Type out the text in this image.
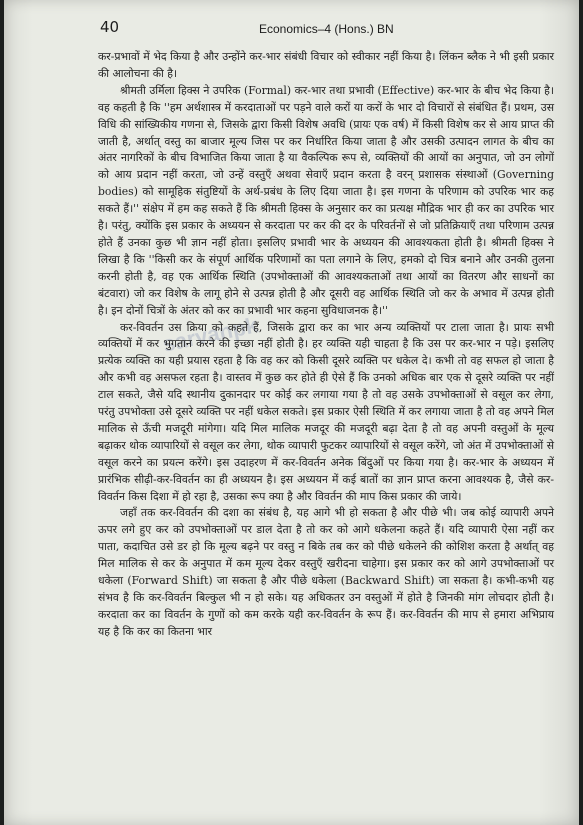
40	Economics–4 (Hons.) BN
sarvanpk

कर-प्रभावों में भेद किया है और उन्होंने कर-भार संबंधी विचार को स्वीकार नहीं किया है। लिंकन ब्लैक ने भी इसी प्रकार की आलोचना की है।

श्रीमती उर्मिला हिक्स ने उपरिक (Formal) कर-भार तथा प्रभावी (Effective) कर-भार के बीच भेद किया है। वह कहती है कि ''हम अर्थशास्त्र में करदाताओं पर पड़ने वाले करों या करों के भार दो विचारों से संबंधित हैं। प्रथम, उस विधि की सांख्यिकीय गणना से, जिसके द्वारा किसी विशेष अवधि (प्रायः एक वर्ष) में किसी विशेष कर से आय प्राप्त की जाती है, अर्थात् वस्तु का बाजार मूल्य जिस पर कर निर्धारित किया जाता है और उसकी उत्पादन लागत के बीच का अंतर नागरिकों के बीच विभाजित किया जाता है या वैकल्पिक रूप से, व्यक्तियों की आयों का अनुपात, जो उन लोगों को आय प्रदान नहीं करता, जो उन्हें वस्तुएँ अथवा सेवाएँ प्रदान करता है वरन् प्रशासक संस्थाओं (Governing bodies) को सामूहिक संतुष्टियों के अर्थ-प्रबंध के लिए दिया जाता है। इस गणना के परिणाम को उपरिक भार कह सकते हैं।'' संक्षेप में हम कह सकते हैं कि श्रीमती हिक्स के अनुसार कर का प्रत्यक्ष मौद्रिक भार ही कर का उपरिक भार है। परंतु, क्योंकि इस प्रकार के अध्ययन से करदाता पर कर की दर के परिवर्तनों से जो प्रतिक्रियाएँ तथा परिणाम उत्पन्न होते हैं उनका कुछ भी ज्ञान नहीं होता। इसलिए प्रभावी भार के अध्ययन की आवश्यकता होती है। श्रीमती हिक्स ने लिखा है कि ''किसी कर के संपूर्ण आर्थिक परिणामों का पता लगाने के लिए, हमको दो चित्र बनाने और उनकी तुलना करनी होती है, वह एक आर्थिक स्थिति (उपभोक्ताओं की आवश्यकताओं तथा आयों का वितरण और साधनों का बंटवारा) जो कर विशेष के लागू होने से उत्पन्न होती है और दूसरी वह आर्थिक स्थिति जो कर के अभाव में उत्पन्न होती है। इन दोनों चित्रों के अंतर को कर का प्रभावी भार कहना सुविधाजनक है।''

कर-विवर्तन उस क्रिया को कहते हैं, जिसके द्वारा कर का भार अन्य व्यक्तियों पर टाला जाता है। प्रायः सभी व्यक्तियों में कर भुगतान करने की इच्छा नहीं होती है। हर व्यक्ति यही चाहता है कि उस पर कर-भार न पड़े। इसलिए प्रत्येक व्यक्ति का यही प्रयास रहता है कि वह कर को किसी दूसरे व्यक्ति पर धकेल दे। कभी तो वह सफल हो जाता है और कभी वह असफल रहता है। वास्तव में कुछ कर होते ही ऐसे हैं कि उनको अधिक बार एक से दूसरे व्यक्ति पर नहीं टाल सकते, जैसे यदि स्थानीय दुकानदार पर कोई कर लगाया गया है तो वह उसके उपभोक्ताओं से वसूल कर लेगा, परंतु उपभोक्ता उसे दूसरे व्यक्ति पर नहीं धकेल सकते। इस प्रकार ऐसी स्थिति में कर लगाया जाता है तो वह अपने मिल मालिक से ऊँची मजदूरी मांगेगा। यदि मिल मालिक मजदूर की मजदूरी बढ़ा देता है तो वह अपनी वस्तुओं के मूल्य बढ़ाकर थोक व्यापारियों से वसूल कर लेगा, थोक व्यापारी फुटकर व्यापारियों से वसूल करेंगे, जो अंत में उपभोक्ताओं से वसूल करने का प्रयत्न करेंगे। इस उदाहरण में कर-विवर्तन अनेक बिंदुओं पर किया गया है। कर-भार के अध्ययन में प्रारंभिक सीढ़ी-कर-विवर्तन का ही अध्ययन है। इस अध्ययन में कई बातों का ज्ञान प्राप्त करना आवश्यक है, जैसे कर-विवर्तन किस दिशा में हो रहा है, उसका रूप क्या है और विवर्तन की माप किस प्रकार की जाये।

जहाँ तक कर-विवर्तन की दशा का संबंध है, यह आगे भी हो सकता है और पीछे भी। जब कोई व्यापारी अपने ऊपर लगे हुए कर को उपभोक्ताओं पर डाल देता है तो कर को आगे धकेलना कहते हैं। यदि व्यापारी ऐसा नहीं कर पाता, कदाचित उसे डर हो कि मूल्य बढ़ने पर वस्तु न बिके तब कर को पीछे धकेलने की कोशिश करता है अर्थात् वह मिल मालिक से कर के अनुपात में कम मूल्य देकर वस्तुएँ खरीदना चाहेगा। इस प्रकार कर को आगे उपभोक्ताओं पर धकेला (Forward Shift) जा सकता है और पीछे धकेला (Backward Shift) जा सकता है। कभी-कभी यह संभव है कि कर-विवर्तन बिल्कुल भी न हो सके। यह अधिकतर उन वस्तुओं में होते है जिनकी मांग लोचदार होती है। करदाता कर का विवर्तन के गुणों को कम करके यही कर-विवर्तन के रूप हैं। कर-विवर्तन की माप से हमारा अभिप्राय यह है कि कर का कितना भार
